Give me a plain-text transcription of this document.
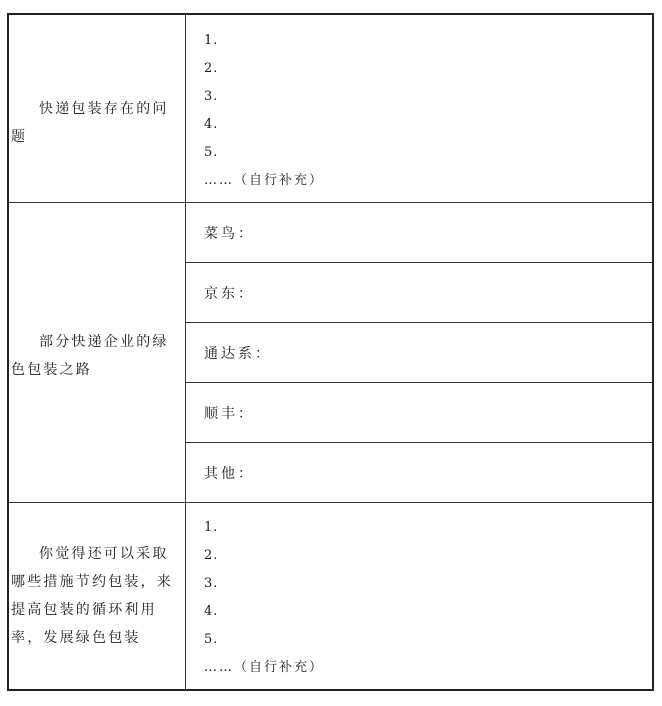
快递包装存在的问题
1.
2.
3.
4.
5.
……（自行补充）
部分快递企业的绿色包装之路
菜鸟：
京东：
通达系：
顺丰：
其他：
你觉得还可以采取哪些措施节约包装，来提高包装的循环利用率，发展绿色包装
1.
2.
3.
4.
5.
……（自行补充）
